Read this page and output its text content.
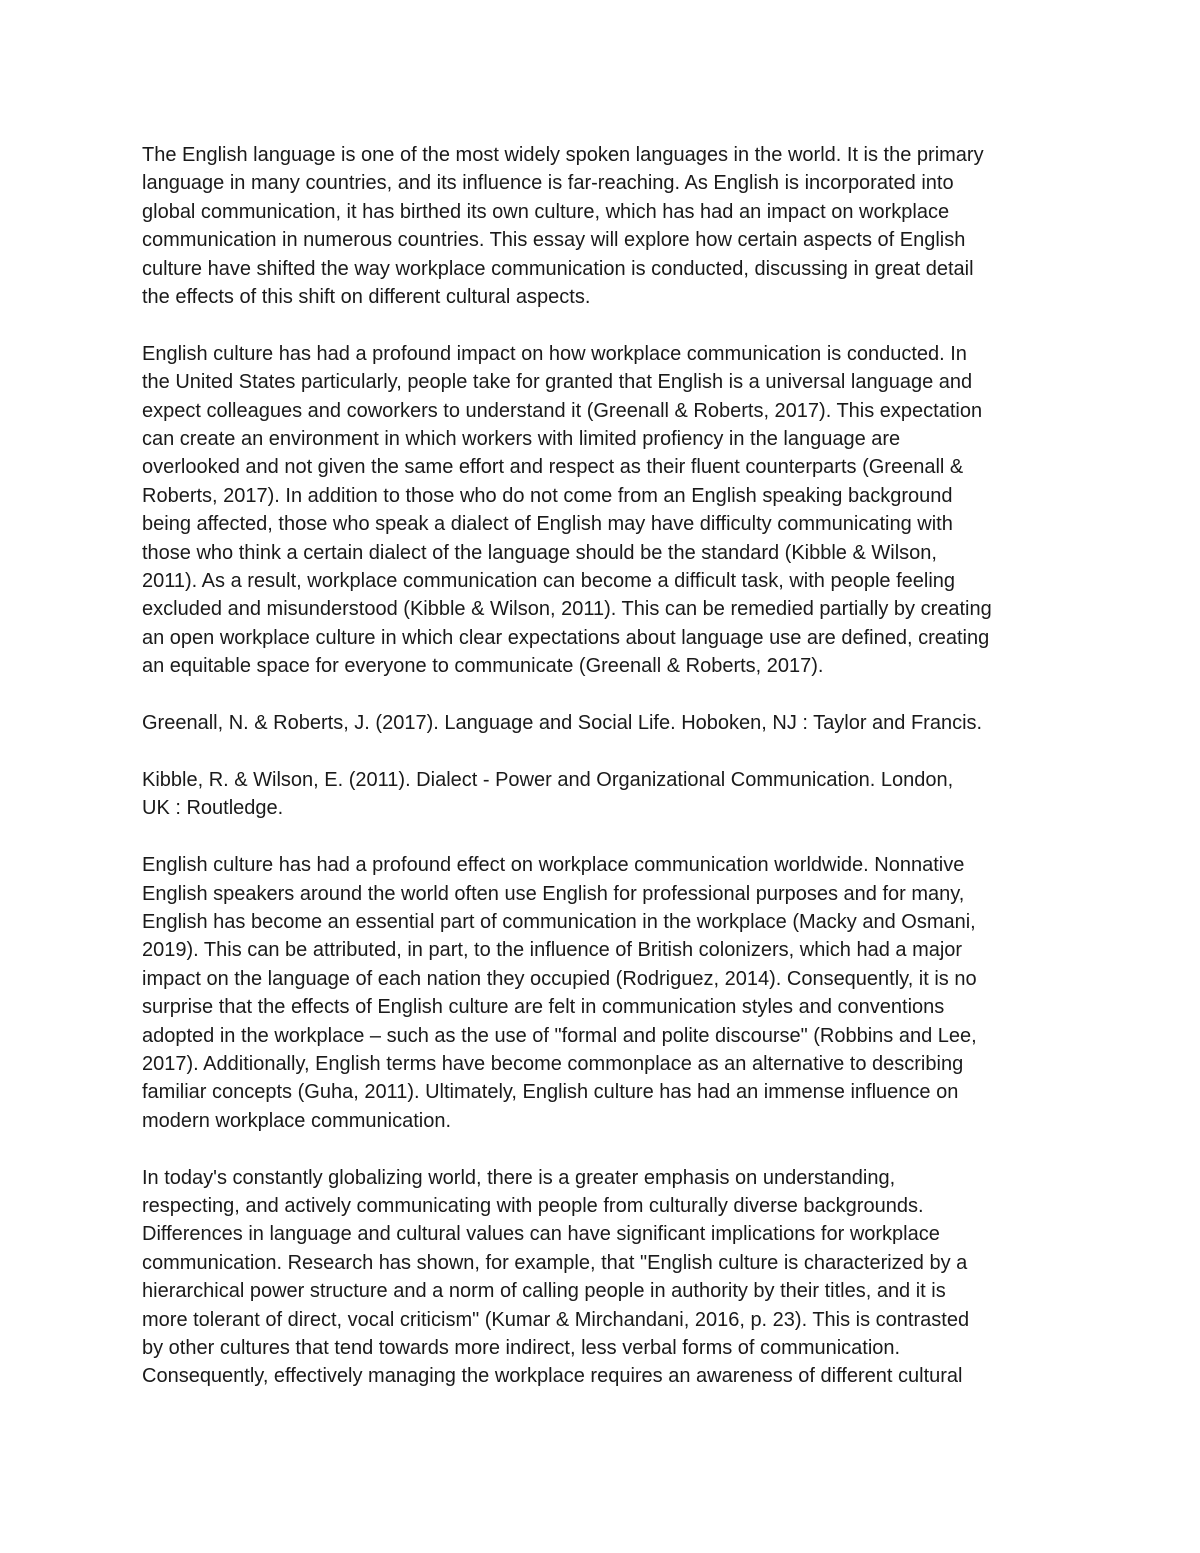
The English language is one of the most widely spoken languages in the world. It is the primary
language in many countries, and its influence is far-reaching. As English is incorporated into
global communication, it has birthed its own culture, which has had an impact on workplace
communication in numerous countries. This essay will explore how certain aspects of English
culture have shifted the way workplace communication is conducted, discussing in great detail
the effects of this shift on different cultural aspects.

English culture has had a profound impact on how workplace communication is conducted. In
the United States particularly, people take for granted that English is a universal language and
expect colleagues and coworkers to understand it (Greenall & Roberts, 2017). This expectation
can create an environment in which workers with limited profiency in the language are
overlooked and not given the same effort and respect as their fluent counterparts (Greenall &
Roberts, 2017). In addition to those who do not come from an English speaking background
being affected, those who speak a dialect of English may have difficulty communicating with
those who think a certain dialect of the language should be the standard (Kibble & Wilson,
2011). As a result, workplace communication can become a difficult task, with people feeling
excluded and misunderstood (Kibble & Wilson, 2011). This can be remedied partially by creating
an open workplace culture in which clear expectations about language use are defined, creating
an equitable space for everyone to communicate (Greenall & Roberts, 2017).

Greenall, N. & Roberts, J. (2017). Language and Social Life. Hoboken, NJ : Taylor and Francis.

Kibble, R. & Wilson, E. (2011). Dialect - Power and Organizational Communication. London,
UK : Routledge.

English culture has had a profound effect on workplace communication worldwide. Nonnative
English speakers around the world often use English for professional purposes and for many,
English has become an essential part of communication in the workplace (Macky and Osmani,
2019). This can be attributed, in part, to the influence of British colonizers, which had a major
impact on the language of each nation they occupied (Rodriguez, 2014). Consequently, it is no
surprise that the effects of English culture are felt in communication styles and conventions
adopted in the workplace – such as the use of "formal and polite discourse" (Robbins and Lee,
2017). Additionally, English terms have become commonplace as an alternative to describing
familiar concepts (Guha, 2011). Ultimately, English culture has had an immense influence on
modern workplace communication.

In today's constantly globalizing world, there is a greater emphasis on understanding,
respecting, and actively communicating with people from culturally diverse backgrounds.
Differences in language and cultural values can have significant implications for workplace
communication. Research has shown, for example, that "English culture is characterized by a
hierarchical power structure and a norm of calling people in authority by their titles, and it is
more tolerant of direct, vocal criticism" (Kumar & Mirchandani, 2016, p. 23). This is contrasted
by other cultures that tend towards more indirect, less verbal forms of communication.
Consequently, effectively managing the workplace requires an awareness of different cultural
